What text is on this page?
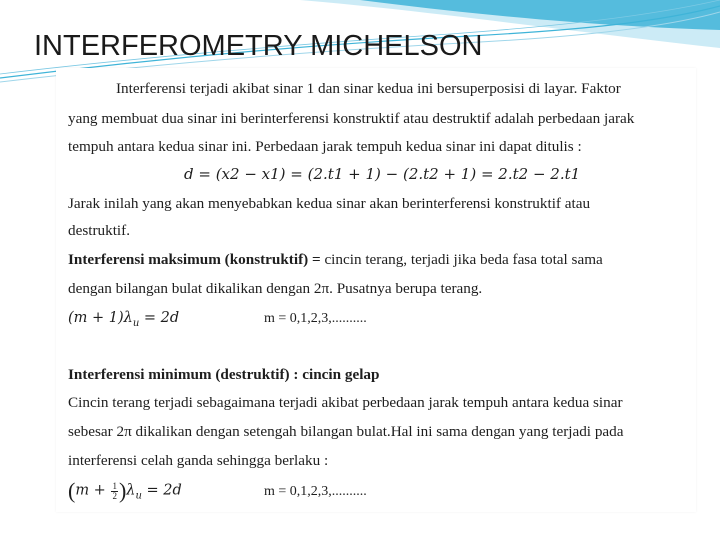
INTERFEROMETRY MICHELSON
Interferensi terjadi akibat sinar 1 dan sinar kedua ini bersuperposisi di layar. Faktor
yang membuat dua sinar ini berinterferensi konstruktif atau destruktif adalah perbedaan jarak
tempuh antara kedua sinar ini. Perbedaan jarak tempuh kedua sinar ini dapat ditulis :
d = (x2 − x1) = (2.t1 + 1) − (2.t2 + 1) = 2.t2 − 2.t1
Jarak inilah yang akan menyebabkan kedua sinar akan berinterferensi konstruktif atau
destruktif.
Interferensi maksimum (konstruktif) = cincin terang, terjadi jika beda fasa total sama
dengan bilangan bulat dikalikan dengan 2π. Pusatnya berupa terang.
$(m + 1)\lambda_u = 2d$	m = 0,1,2,3,..........
Interferensi minimum (destruktif) : cincin gelap
Cincin terang terjadi sebagaimana terjadi akibat perbedaan jarak tempuh antara kedua sinar
sebesar 2π dikalikan dengan setengah bilangan bulat.Hal ini sama dengan yang terjadi pada
interferensi celah ganda sehingga berlaku :
$(m + \frac{1}{2} )\lambda_u = 2d$	m = 0,1,2,3,..........
